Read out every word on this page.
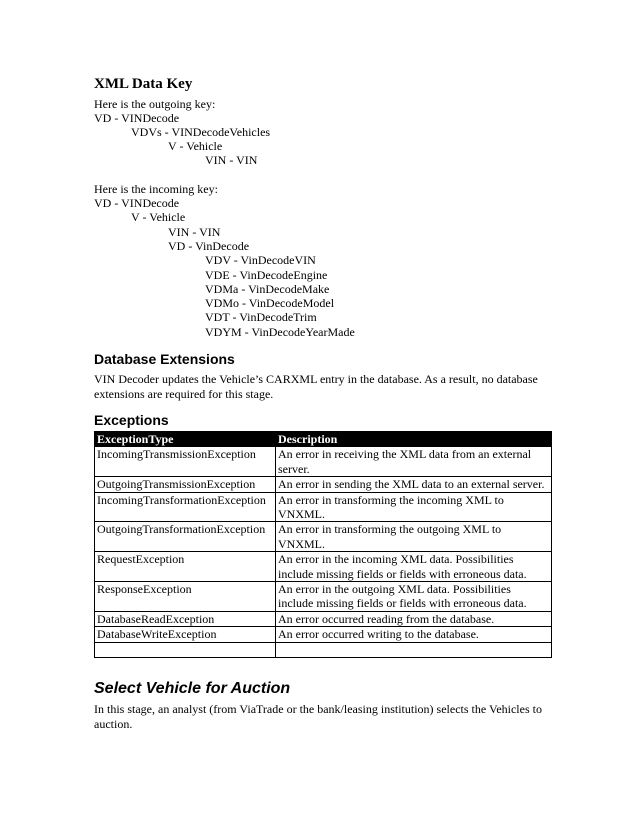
XML Data Key
Here is the outgoing key:
VD - VINDecode
VDVs - VINDecodeVehicles
V - Vehicle
VIN - VIN
Here is the incoming key:
VD - VINDecode
V - Vehicle
VIN - VIN
VD - VinDecode
VDV - VinDecodeVIN
VDE - VinDecodeEngine
VDMa - VinDecodeMake
VDMo - VinDecodeModel
VDT - VinDecodeTrim
VDYM - VinDecodeYearMade
Database Extensions
VIN Decoder updates the Vehicle’s CARXML entry in the database. As a result, no database extensions are required for this stage.
Exceptions
ExceptionType	Description
IncomingTransmissionException	An error in receiving the XML data from an external server.
OutgoingTransmissionException	An error in sending the XML data to an external server.
IncomingTransformationException	An error in transforming the incoming XML to VNXML.
OutgoingTransformationException	An error in transforming the outgoing XML to VNXML.
RequestException	An error in the incoming XML data. Possibilities include missing fields or fields with erroneous data.
ResponseException	An error in the outgoing XML data. Possibilities include missing fields or fields with erroneous data.
DatabaseReadException	An error occurred reading from the database.
DatabaseWriteException	An error occurred writing to the database.

Select Vehicle for Auction
In this stage, an analyst (from ViaTrade or the bank/leasing institution) selects the Vehicles to auction.
